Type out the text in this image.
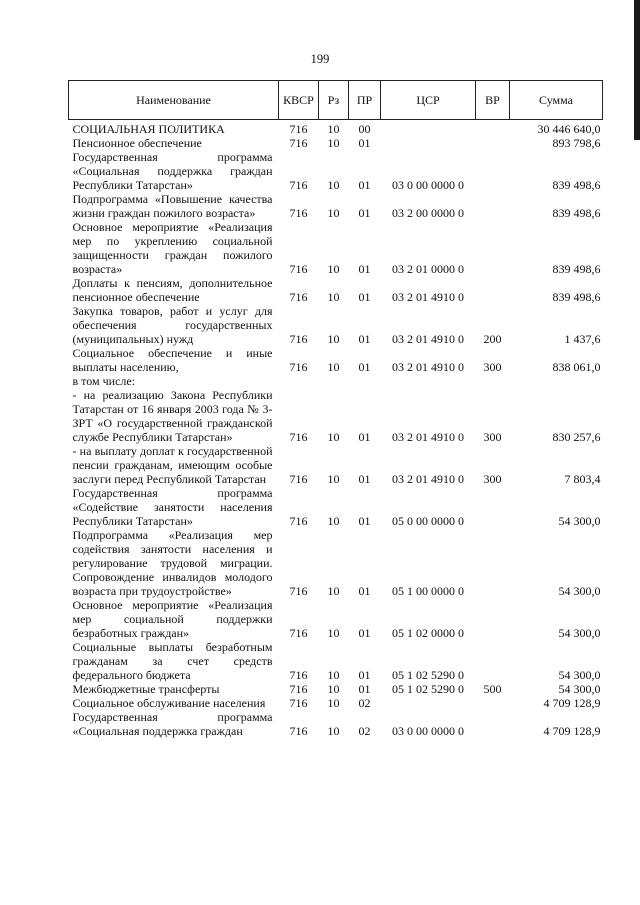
199
Наименование	КВСР	Рз	ПР	ЦСР	ВР	Сумма
СОЦИАЛЬНАЯ ПОЛИТИКА	716	10	00			30 446 640,0
Пенсионное обеспечение	716	10	01			893 798,6
Государственная программа «Социальная поддержка граждан Республики Татарстан»	716	10	01	03 0 00 0000 0		839 498,6
Подпрограмма «Повышение качества жизни граждан пожилого возраста»	716	10	01	03 2 00 0000 0		839 498,6
Основное мероприятие «Реализация мер по укреплению социальной защищенности граждан пожилого возраста»	716	10	01	03 2 01 0000 0		839 498,6
Доплаты к пенсиям, дополнительное пенсионное обеспечение	716	10	01	03 2 01 4910 0		839 498,6
Закупка товаров, работ и услуг для обеспечения государственных (муниципальных) нужд	716	10	01	03 2 01 4910 0	200	1 437,6
Социальное обеспечение и иные выплаты населению,	716	10	01	03 2 01 4910 0	300	838 061,0
в том числе:						
- на реализацию Закона Республики Татарстан от 16 января 2003 года № 3-ЗРТ «О государственной гражданской службе Республики Татарстан»	716	10	01	03 2 01 4910 0	300	830 257,6
- на выплату доплат к государственной пенсии гражданам, имеющим особые заслуги перед Республикой Татарстан	716	10	01	03 2 01 4910 0	300	7 803,4
Государственная программа «Содействие занятости населения Республики Татарстан»	716	10	01	05 0 00 0000 0		54 300,0
Подпрограмма «Реализация мер содействия занятости населения и регулирование трудовой миграции. Сопровождение инвалидов молодого возраста при трудоустройстве»	716	10	01	05 1 00 0000 0		54 300,0
Основное мероприятие «Реализация мер социальной поддержки безработных граждан»	716	10	01	05 1 02 0000 0		54 300,0
Социальные выплаты безработным гражданам за счет средств федерального бюджета	716	10	01	05 1 02 5290 0		54 300,0
Межбюджетные трансферты	716	10	01	05 1 02 5290 0	500	54 300,0
Социальное обслуживание населения	716	10	02			4 709 128,9
Государственная программа «Социальная поддержка граждан	716	10	02	03 0 00 0000 0		4 709 128,9
